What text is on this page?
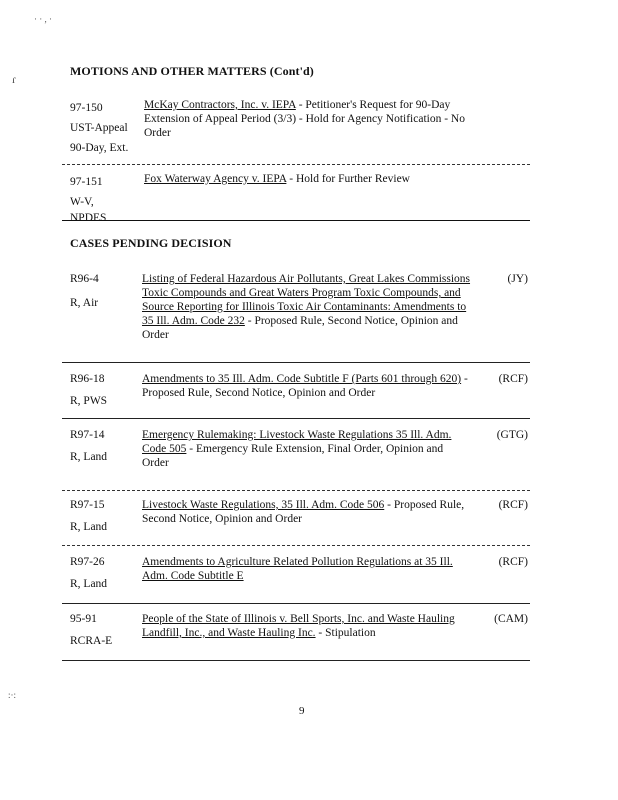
· · , ·
ɾ
MOTIONS AND OTHER MATTERS (Cont'd)
97-150
UST-Appeal
90-Day, Ext.
McKay Contractors, Inc. v. IEPA - Petitioner's Request for 90-Day Extension of Appeal Period (3/3) - Hold for Agency Notification - No Order
97-151
W-V,
NPDES
Fox Waterway Agency v. IEPA - Hold for Further Review
CASES PENDING DECISION
R96-4
R, Air
Listing of Federal Hazardous Air Pollutants, Great Lakes Commissions Toxic Compounds and Great Waters Program Toxic Compounds, and Source Reporting for Illinois Toxic Air Contaminants: Amendments to 35 Ill. Adm. Code 232 - Proposed Rule, Second Notice, Opinion and Order
(JY)
R96-18
R, PWS
Amendments to 35 Ill. Adm. Code Subtitle F (Parts 601 through 620) - Proposed Rule, Second Notice, Opinion and Order
(RCF)
R97-14
R, Land
Emergency Rulemaking: Livestock Waste Regulations 35 Ill. Adm. Code 505 - Emergency Rule Extension, Final Order, Opinion and Order
(GTG)
R97-15
R, Land
Livestock Waste Regulations, 35 Ill. Adm. Code 506 - Proposed Rule, Second Notice, Opinion and Order
(RCF)
R97-26
R, Land
Amendments to Agriculture Related Pollution Regulations at 35 Ill. Adm. Code Subtitle E
(RCF)
95-91
RCRA-E
People of the State of Illinois v. Bell Sports, Inc. and Waste Hauling Landfill, Inc., and Waste Hauling Inc. - Stipulation
(CAM)
:·:
9
